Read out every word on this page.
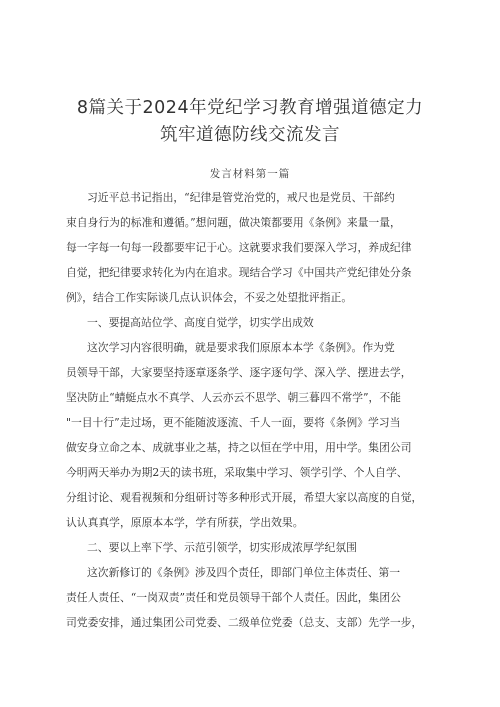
8篇关于2024年党纪学习教育增强道德定力
筑牢道德防线交流发言
发言材料第一篇
习近平总书记指出，“纪律是管党治党的，戒尺也是党员、干部约
束自身行为的标准和遵循。”想问题，做决策都要用《条例》来量一量，
每一字每一句每一段都要牢记于心。这就要求我们要深入学习，养成纪律
自觉，把纪律要求转化为内在追求。现结合学习《中国共产党纪律处分条
例》，结合工作实际谈几点认识体会，不妥之处望批评指正。
一、要提高站位学、高度自觉学，切实学出成效
这次学习内容很明确，就是要求我们原原本本学《条例》。作为党
员领导干部，大家要坚持逐章逐条学、逐字逐句学、深入学、摆进去学，
坚决防止“蜻蜓点水不真学、人云亦云不思学、朝三暮四不常学”，不能
"一目十行”走过场，更不能随波逐流、千人一面，要将《条例》学习当
做安身立命之本、成就事业之基，持之以恒在学中用，用中学。集团公司
今明两天举办为期2天的读书班，采取集中学习、领学引学、个人自学、
分组讨论、观看视频和分组研讨等多种形式开展，希望大家以高度的自觉，
认认真真学，原原本本学，学有所获，学出效果。
二、要以上率下学、示范引领学，切实形成浓厚学纪氛围
这次新修订的《条例》涉及四个责任，即部门单位主体责任、第一
责任人责任、“一岗双责”责任和党员领导干部个人责任。因此，集团公
司党委安排，通过集团公司党委、二级单位党委（总支、支部）先学一步，
